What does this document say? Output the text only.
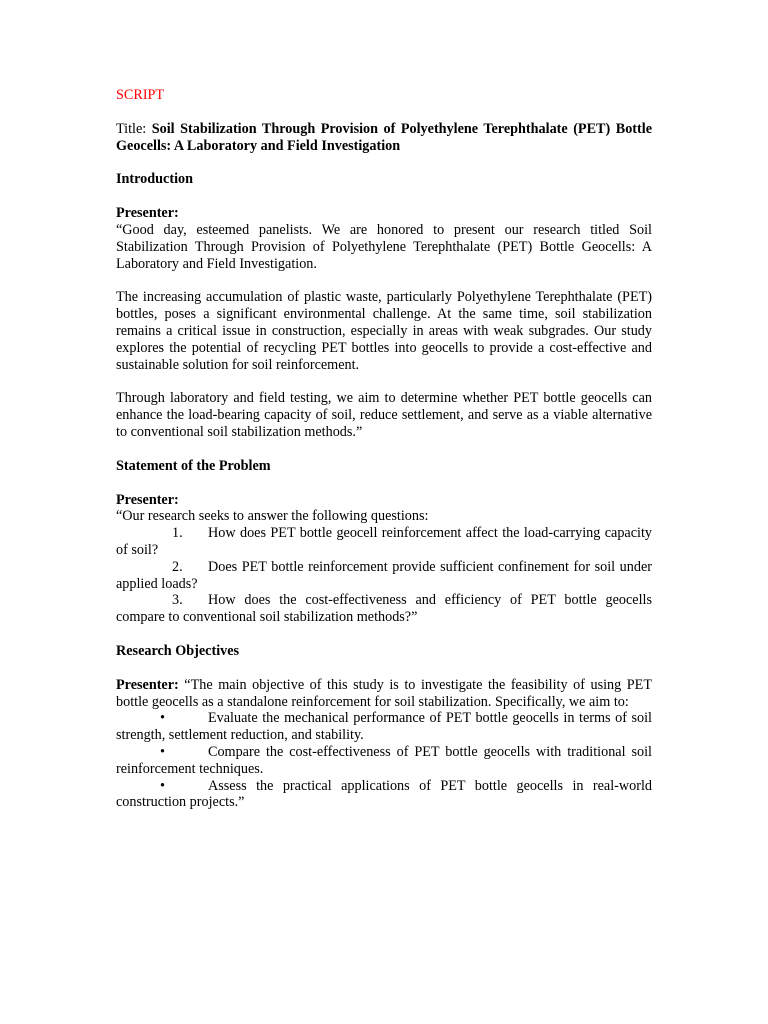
SCRIPT

Title: Soil Stabilization Through Provision of Polyethylene Terephthalate (PET) Bottle Geocells: A Laboratory and Field Investigation

Introduction

Presenter:

“Good day, esteemed panelists. We are honored to present our research titled Soil Stabilization Through Provision of Polyethylene Terephthalate (PET) Bottle Geocells: A Laboratory and Field Investigation.

The increasing accumulation of plastic waste, particularly Polyethylene Terephthalate (PET) bottles, poses a significant environmental challenge. At the same time, soil stabilization remains a critical issue in construction, especially in areas with weak subgrades. Our study explores the potential of recycling PET bottles into geocells to provide a cost-effective and sustainable solution for soil reinforcement.

Through laboratory and field testing, we aim to determine whether PET bottle geocells can enhance the load-bearing capacity of soil, reduce settlement, and serve as a viable alternative to conventional soil stabilization methods.”

Statement of the Problem

Presenter:

“Our research seeks to answer the following questions:

1. How does PET bottle geocell reinforcement affect the load-carrying capacity of soil?

2. Does PET bottle reinforcement provide sufficient confinement for soil under applied loads?

3. How does the cost-effectiveness and efficiency of PET bottle geocells compare to conventional soil stabilization methods?”

Research Objectives

Presenter: “The main objective of this study is to investigate the feasibility of using PET bottle geocells as a standalone reinforcement for soil stabilization. Specifically, we aim to:

•	Evaluate the mechanical performance of PET bottle geocells in terms of soil strength, settlement reduction, and stability.

•	Compare the cost-effectiveness of PET bottle geocells with traditional soil reinforcement techniques.

•	Assess the practical applications of PET bottle geocells in real-world construction projects.”
